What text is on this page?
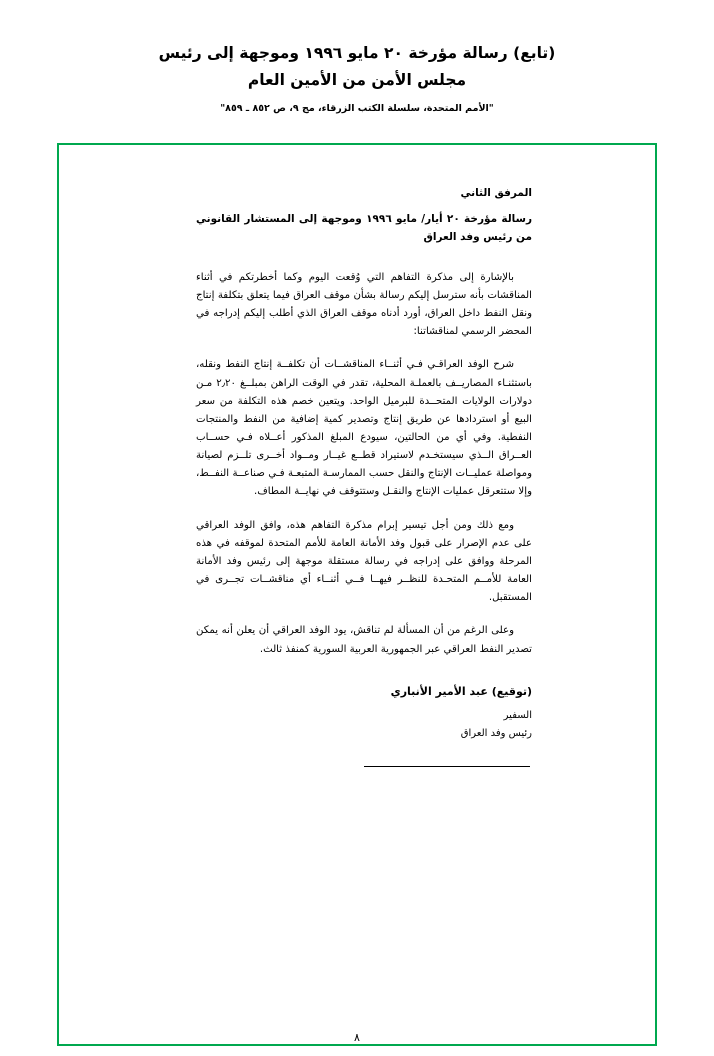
(تابع) رسالة مؤرخة ٢٠ مايو ١٩٩٦ وموجهة إلى رئيس
مجلس الأمن من الأمين العام
"الأمم المتحدة، سلسلة الكتب الزرقاء، مج ٩، ص ٨٥٢ ـ ٨٥٩"
المرفق الثاني
رسالة مؤرخة ٢٠ أيار/ مايو ١٩٩٦ وموجهة إلى المستشار القانوني من رئيس وفد العراق
بالإشارة إلى مذكرة التفاهم التي وُقعت اليوم وكما أخطرتكم في أثناء المناقشات بأنه سترسل إليكم رسالة بشأن موقف العراق فيما يتعلق بتكلفة إنتاج ونقل النفط داخل العراق، أورد أدناه موقف العراق الذي أطلب إليكم إدراجه في المحضر الرسمي لمناقشاتنا:
شرح الوفد العراقـي فـي أثنــاء المناقشــات أن تكلفــة إنتاج النفط ونقله، باستثنـاء المصاريــف بالعملـة المحلية، تقدر في الوقت الراهن بمبلــغ ٢٫٢٠ مـن دولارات الولايات المتحــدة للبرميل الواحد. ويتعين خصم هذه التكلفة من سعر البيع أو استردادها عن طريق إنتاج وتصدير كمية إضافية من النفط والمنتجات النفطية. وفي أي من الحالتين، سيودع المبلغ المذكور أعــلاه فـي حســاب العــراق الــذي سيستخـدم لاستيراد قطــع غيــار ومــواد أخــرى تلــزم لصيانة ومواصلة عمليــات الإنتاج والنقل حسب الممارسـة المتبعـة فـي صناعــة النفــط، وإلا ستتعرقل عمليات الإنتاج والنقـل وستتوقف في نهايــة المطاف.
ومع ذلك ومن أجل تيسير إبرام مذكرة التفاهم هذه، وافق الوفد العراقي على عدم الإصرار على قبول وفد الأمانة العامة للأمم المتحدة لموقفه في هذه المرحلة ووافق على إدراجه في رسالة مستقلة موجهة إلى رئيس وفد الأمانة العامة للأمــم المتحـدة للنظــر فيهــا فــي أثنــاء أي مناقشــات تجــرى في المستقبل.
وعلى الرغم من أن المسألة لم تناقش، يود الوفد العراقي أن يعلن أنه يمكن تصدير النفط العراقي عبر الجمهورية العربية السورية كمنفذ ثالث.
(توقيع) عبد الأمير الأنباري
السفير
رئيس وفد العراق
٨
